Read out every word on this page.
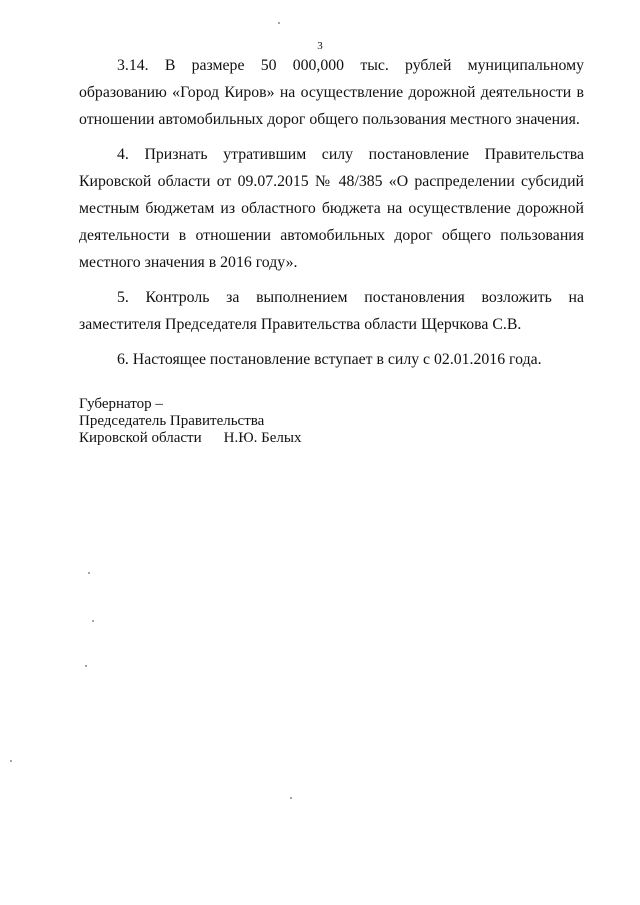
3

3.14. В размере 50 000,000 тыс. рублей муниципальному образованию «Город Киров» на осуществление дорожной деятельности в отношении автомобильных дорог общего пользования местного значения.

4. Признать утратившим силу постановление Правительства Кировской области от 09.07.2015 № 48/385 «О распределении субсидий местным бюджетам из областного бюджета на осуществление дорожной деятельности в отношении автомобильных дорог общего пользования местного значения в 2016 году».

5. Контроль за выполнением постановления возложить на заместителя Председателя Правительства области Щерчкова С.В.

6. Настоящее постановление вступает в силу с 02.01.2016 года.

Губернатор –
Председатель Правительства
Кировской области Н.Ю. Белых
